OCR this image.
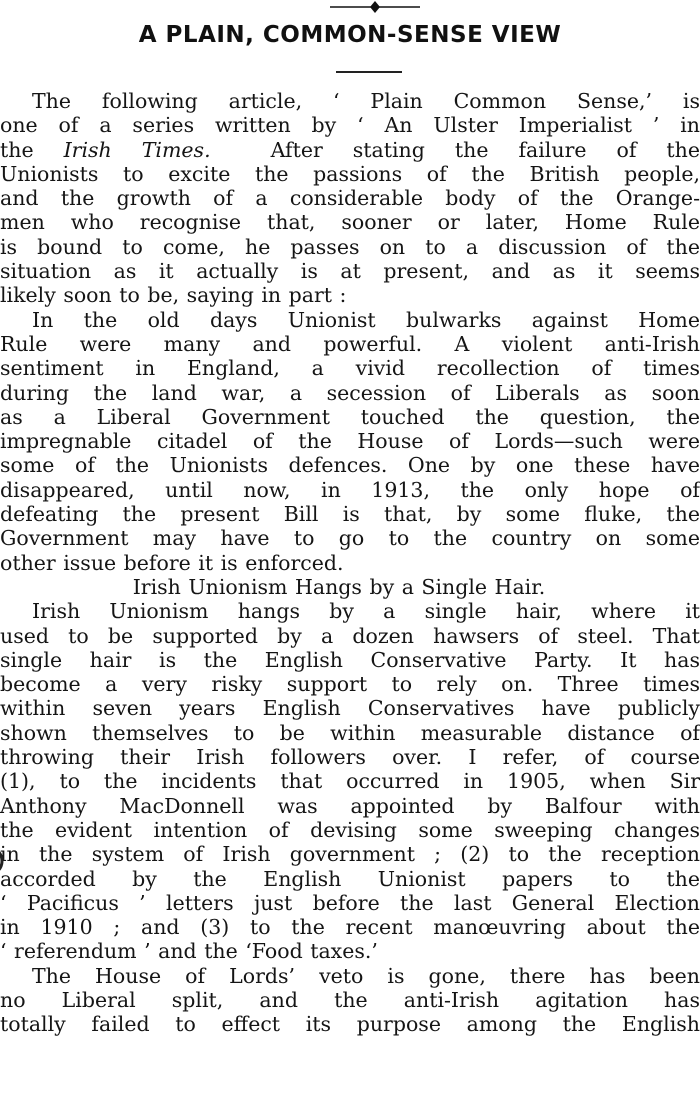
A PLAIN, COMMON-SENSE VIEW
The following article, ‘ Plain Common Sense,’ is
one of a series written by ‘ An Ulster Imperialist ’ in
the Irish Times.  After stating the failure of the
Unionists to excite the passions of the British people,
and the growth of a considerable body of the Orange-
men who recognise that, sooner or later, Home Rule
is bound to come, he passes on to a discussion of the
situation as it actually is at present, and as it seems
likely soon to be, saying in part :
In the old days Unionist bulwarks against Home
Rule were many and powerful. A violent anti-Irish
sentiment in England, a vivid recollection of times
during the land war, a secession of Liberals as soon
as a Liberal Government touched the question, the
impregnable citadel of the House of Lords—such were
some of the Unionists defences. One by one these have
disappeared, until now, in 1913, the only hope of
defeating the present Bill is that, by some fluke, the
Government may have to go to the country on some
other issue before it is enforced.
Irish Unionism Hangs by a Single Hair.
Irish Unionism hangs by a single hair, where it
used to be supported by a dozen hawsers of steel. That
single hair is the English Conservative Party. It has
become a very risky support to rely on. Three times
within seven years English Conservatives have publicly
shown themselves to be within measurable distance of
throwing their Irish followers over. I refer, of course
(1), to the incidents that occurred in 1905, when Sir
Anthony MacDonnell was appointed by Balfour with
the evident intention of devising some sweeping changes
in the system of Irish government ; (2) to the reception
accorded by the English Unionist papers to the
‘ Pacificus ’ letters just before the last General Election
in 1910 ; and (3) to the recent manœuvring about the
‘ referendum ’ and the ‘Food taxes.’
The House of Lords’ veto is gone, there has been
no Liberal split, and the anti-Irish agitation has
totally failed to effect its purpose among the English
